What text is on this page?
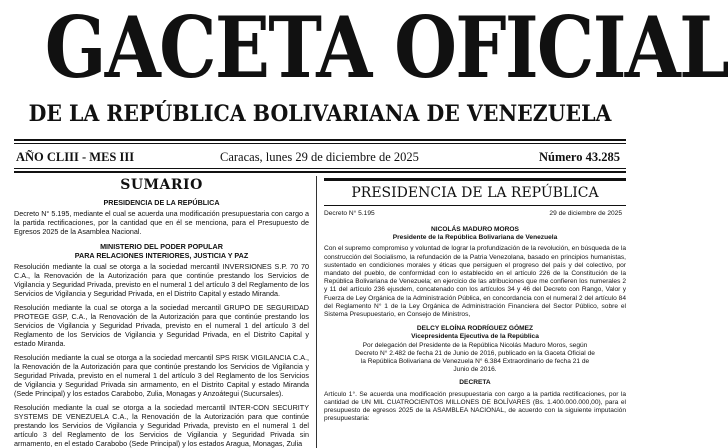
GACETA OFICIAL
DE LA REPÚBLICA BOLIVARIANA DE VENEZUELA
AÑO CLIII - MES III	Caracas, lunes 29 de diciembre de 2025	Número 43.285
SUMARIO
PRESIDENCIA DE LA REPÚBLICA
Decreto N° 5.195, mediante el cual se acuerda una modificación presupuestaria con cargo a la partida rectificaciones, por la cantidad que en él se menciona, para el Presupuesto de Egresos 2025 de la Asamblea Nacional.
MINISTERIO DEL PODER POPULAR
PARA RELACIONES INTERIORES, JUSTICIA Y PAZ
Resolución mediante la cual se otorga a la sociedad mercantil INVERSIONES S.P. 70 70 C.A., la Renovación de la Autorización para que continúe prestando los Servicios de Vigilancia y Seguridad Privada, previsto en el numeral 1 del artículo 3 del Reglamento de los Servicios de Vigilancia y Seguridad Privada, en el Distrito Capital y estado Miranda.
Resolución mediante la cual se otorga a la sociedad mercantil GRUPO DE SEGURIDAD PROTEGE GSP, C.A., la Renovación de la Autorización para que continúe prestando los Servicios de Vigilancia y Seguridad Privada, previsto en el numeral 1 del artículo 3 del Reglamento de los Servicios de Vigilancia y Seguridad Privada, en el Distrito Capital y estado Miranda.
Resolución mediante la cual se otorga a la sociedad mercantil SPS RISK VIGILANCIA C.A., la Renovación de la Autorización para que continúe prestando los Servicios de Vigilancia y Seguridad Privada, previsto en el numeral 1 del artículo 3 del Reglamento de los Servicios de Vigilancia y Seguridad Privada sin armamento, en el Distrito Capital y estado Miranda (Sede Principal) y los estados Carabobo, Zulia, Monagas y Anzoátegui (Sucursales).
Resolución mediante la cual se otorga a la sociedad mercantil INTER-CON SECURITY SYSTEMS DE VENEZUELA C.A., la Renovación de la Autorización para que continúe prestando los Servicios de Vigilancia y Seguridad Privada, previsto en el numeral 1 del artículo 3 del Reglamento de los Servicios de Vigilancia y Seguridad Privada sin armamento, en el estado Carabobo (Sede Principal) y los estados Aragua, Monagas, Zulia
PRESIDENCIA DE LA REPÚBLICA
Decreto N° 5.195	29 de diciembre de 2025
NICOLÁS MADURO MOROS
Presidente de la República Bolivariana de Venezuela
Con el supremo compromiso y voluntad de lograr la profundización de la revolución, en búsqueda de la construcción del Socialismo, la refundación de la Patria Venezolana, basado en principios humanistas, sustentado en condiciones morales y éticas que persiguen el progreso del país y del colectivo, por mandato del pueblo, de conformidad con lo establecido en el artículo 226 de la Constitución de la República Bolivariana de Venezuela; en ejercicio de las atribuciones que me confieren los numerales 2 y 11 del artículo 236 ejusdem, concatenado con los artículos 34 y 46 del Decreto con Rango, Valor y Fuerza de Ley Orgánica de la Administración Pública, en concordancia con el numeral 2 del artículo 84 del Reglamento N° 1 de la Ley Orgánica de Administración Financiera del Sector Público, sobre el Sistema Presupuestario, en Consejo de Ministros,
DELCY ELOÍNA RODRÍGUEZ GÓMEZ
Vicepresidenta Ejecutiva de la República
Por delegación del Presidente de la República Nicolás Maduro Moros, según Decreto N° 2.482 de fecha 21 de Junio de 2016, publicado en la Gaceta Oficial de la República Bolivariana de Venezuela N° 6.384 Extraordinario de fecha 21 de Junio de 2016.
DECRETA
Artículo 1°. Se acuerda una modificación presupuestaria con cargo a la partida rectificaciones, por la cantidad de UN MIL CUATROCIENTOS MILLONES DE BOLÍVARES (Bs. 1.400.000.000,00), para el presupuesto de egresos 2025 de la ASAMBLEA NACIONAL, de acuerdo con la siguiente imputación presupuestaria:
